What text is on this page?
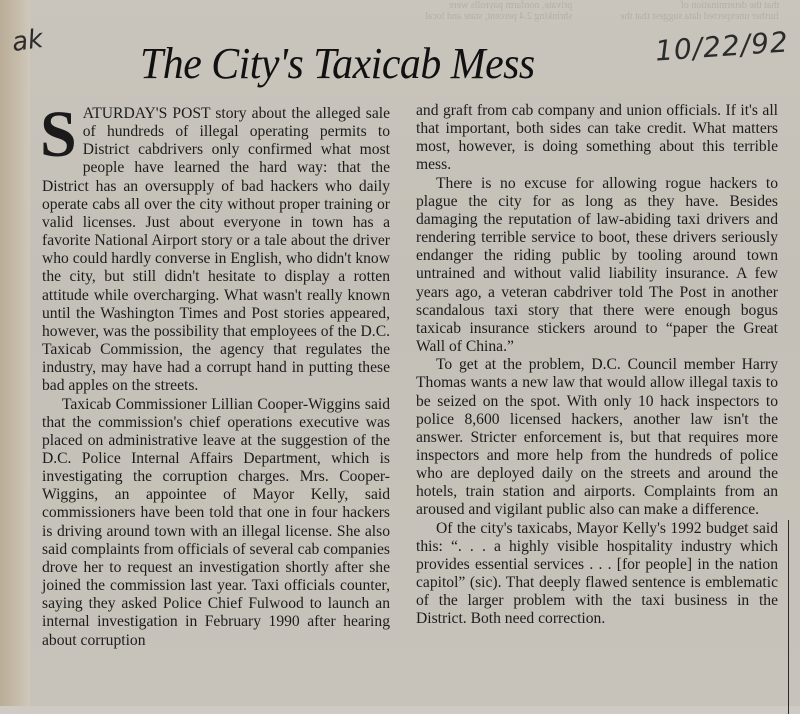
private, nonfarm payrolls were
shrinking 2.4 percent; state and local
that the determination of
further unexpected data suggest that the
ak The City's Taxicab Mess	10/22/92

SATURDAY'S POST story about the alleged sale of hundreds of illegal operating permits to District cabdrivers only confirmed what most people have learned the hard way: that the District has an oversupply of bad hackers who daily operate cabs all over the city without proper training or valid licenses. Just about everyone in town has a favorite National Airport story or a tale about the driver who could hardly converse in English, who didn't know the city, but still didn't hesitate to display a rotten attitude while overcharging. What wasn't really known until the Washington Times and Post stories appeared, however, was the possibility that employees of the D.C. Taxicab Commission, the agency that regulates the industry, may have had a corrupt hand in putting these bad apples on the streets.

Taxicab Commissioner Lillian Cooper-Wiggins said that the commission's chief operations executive was placed on administrative leave at the suggestion of the D.C. Police Internal Affairs Department, which is investigating the corruption charges. Mrs. Cooper-Wiggins, an appointee of Mayor Kelly, said commissioners have been told that one in four hackers is driving around town with an illegal license. She also said complaints from officials of several cab companies drove her to request an investigation shortly after she joined the commission last year. Taxi officials counter, saying they asked Police Chief Fulwood to launch an internal investigation in February 1990 after hearing about corruption

and graft from cab company and union officials. If it's all that important, both sides can take credit. What matters most, however, is doing something about this terrible mess.

There is no excuse for allowing rogue hackers to plague the city for as long as they have. Besides damaging the reputation of law-abiding taxi drivers and rendering terrible service to boot, these drivers seriously endanger the riding public by tooling around town untrained and without valid liability insurance. A few years ago, a veteran cabdriver told The Post in another scandalous taxi story that there were enough bogus taxicab insurance stickers around to “paper the Great Wall of China.”

To get at the problem, D.C. Council member Harry Thomas wants a new law that would allow illegal taxis to be seized on the spot. With only 10 hack inspectors to police 8,600 licensed hackers, another law isn't the answer. Stricter enforcement is, but that requires more inspectors and more help from the hundreds of police who are deployed daily on the streets and around the hotels, train station and airports. Complaints from an aroused and vigilant public also can make a difference.

Of the city's taxicabs, Mayor Kelly's 1992 budget said this: “. . . a highly visible hospitality industry which provides essential services . . . [for people] in the nation capitol” (sic). That deeply flawed sentence is emblematic of the larger problem with the taxi business in the District. Both need correction.
